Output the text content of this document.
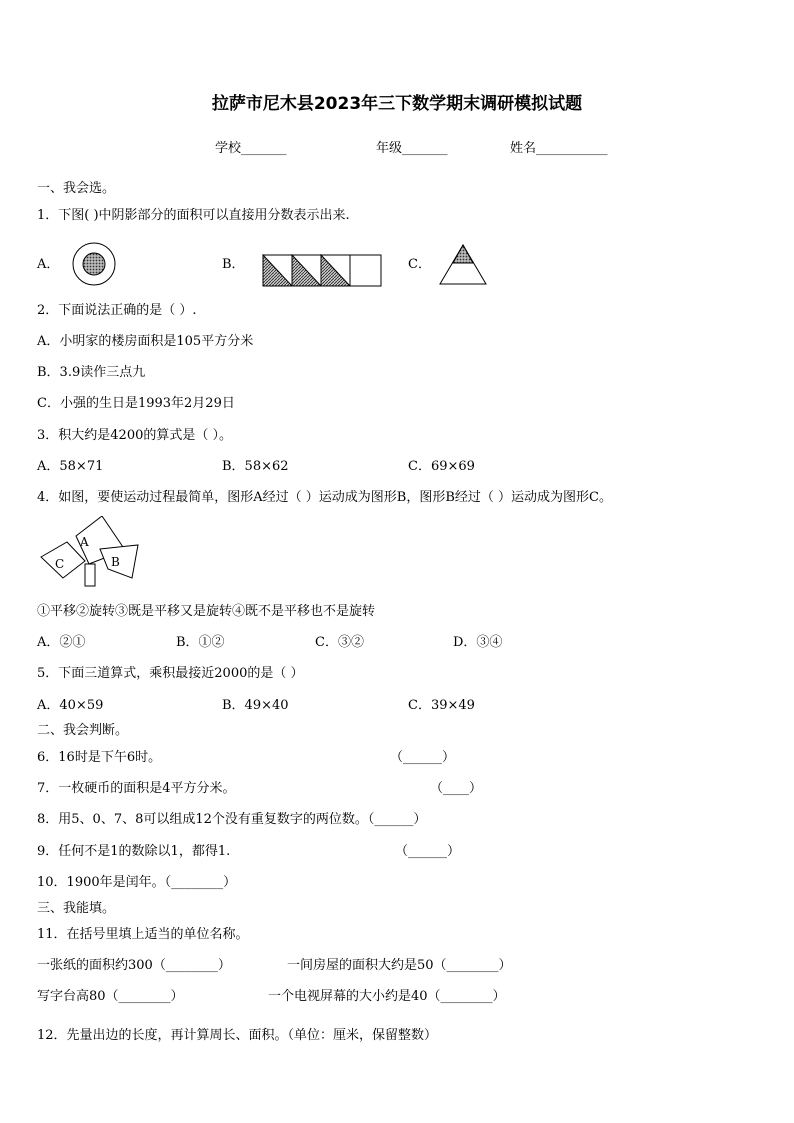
拉萨市尼木县2023年三下数学期末调研模拟试题
学校_______	年级_______	姓名___________
一、我会选。
1．下图( )中阴影部分的面积可以直接用分数表示出来.
A．	B．	C．
2．下面说法正确的是（ ）.
A．小明家的楼房面积是105平方分米
B．3.9读作三点九
C．小强的生日是1993年2月29日
3．积大约是4200的算式是（ ）。
A．58×71	B．58×62	C．69×69
4．如图，要使运动过程最简单，图形A经过（ ）运动成为图形B，图形B经过（ ）运动成为图形C。
A
B
C
①平移②旋转③既是平移又是旋转④既不是平移也不是旋转
A．②①	B．①②	C．③②	D．③④
5．下面三道算式，乘积最接近2000的是（ ）
A．40×59	B．49×40	C．39×49
二、我会判断。
6．16时是下午6时。	（______）
7．一枚硬币的面积是4平方分米。	（____）
8．用5、0、7、8可以组成12个没有重复数字的两位数。（______）
9．任何不是1的数除以1，都得1.	（______）
10．1900年是闰年。（________）
三、我能填。
11．在括号里填上适当的单位名称。
一张纸的面积约300（________）	一间房屋的面积大约是50（________）
写字台高80（________）	一个电视屏幕的大小约是40（________）
12．先量出边的长度，再计算周长、面积。（单位：厘米，保留整数）
